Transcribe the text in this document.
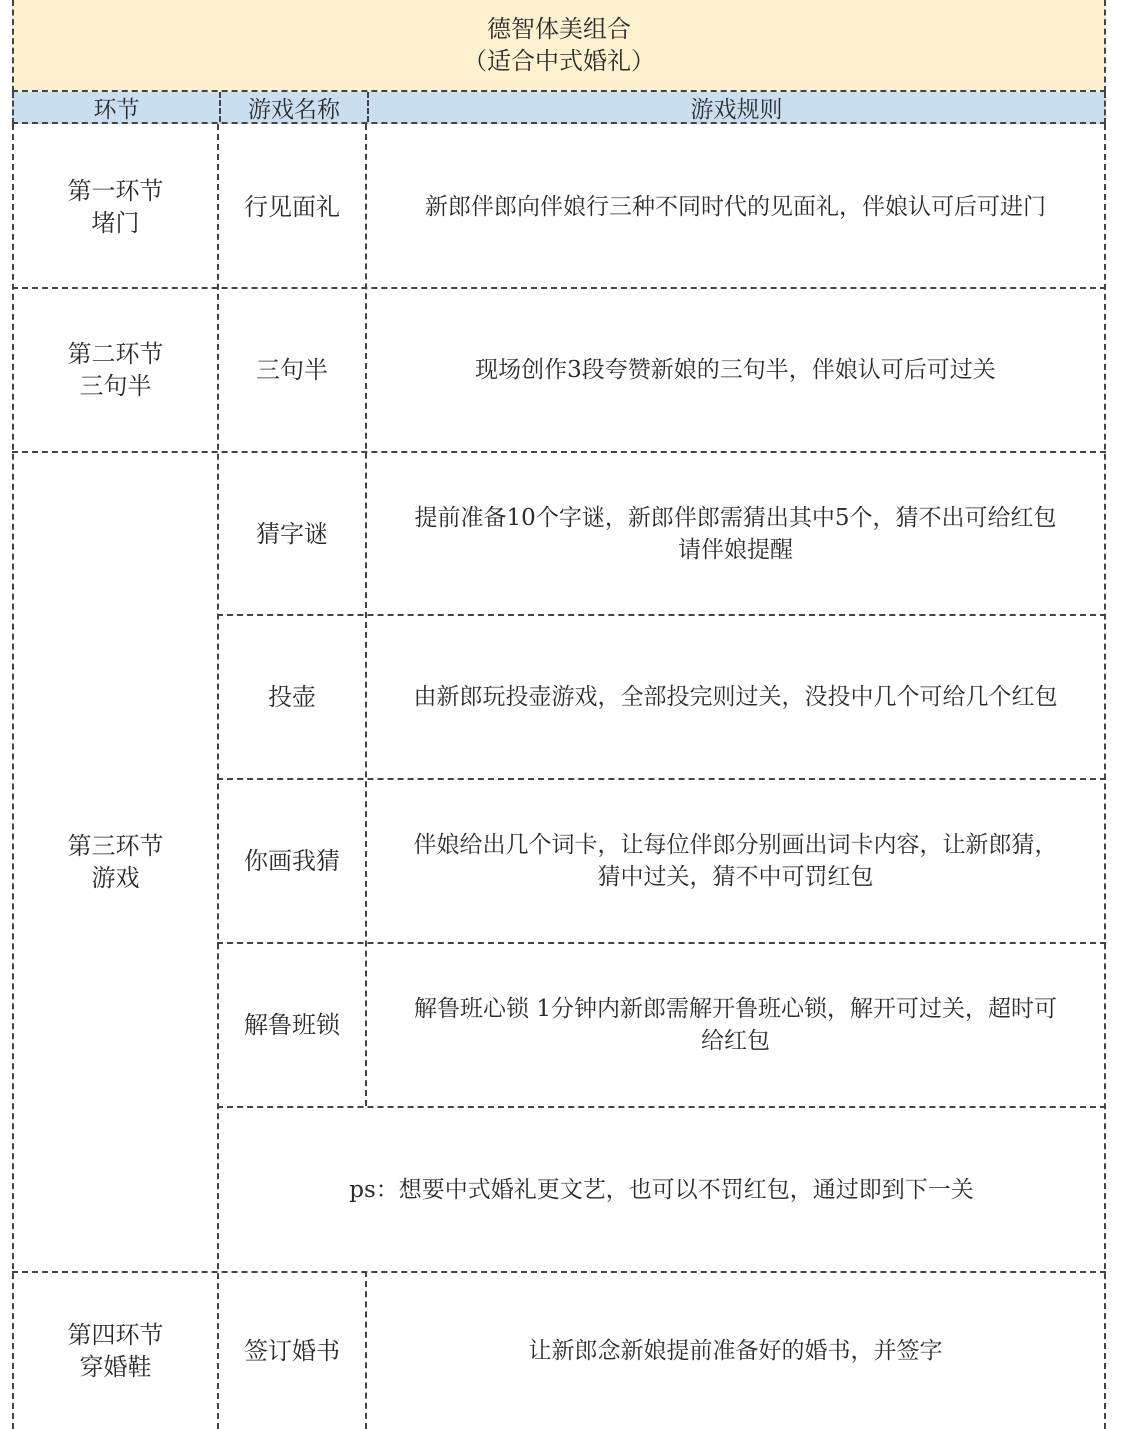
德智体美组合
（适合中式婚礼）
环节	游戏名称	游戏规则
第一环节
堵门
第二环节
三句半
第三环节
游戏
第四环节
穿婚鞋
行见面礼
三句半
猜字谜
投壶
你画我猜
解鲁班锁
签订婚书
新郎伴郎向伴娘行三种不同时代的见面礼，伴娘认可后可进门
现场创作3段夸赞新娘的三句半，伴娘认可后可过关
提前准备10个字谜，新郎伴郎需猜出其中5个，猜不出可给红包
请伴娘提醒
由新郎玩投壶游戏，全部投完则过关，没投中几个可给几个红包
伴娘给出几个词卡，让每位伴郎分别画出词卡内容，让新郎猜，
猜中过关，猜不中可罚红包
解鲁班心锁 1分钟内新郎需解开鲁班心锁，解开可过关，超时可
给红包
ps：想要中式婚礼更文艺，也可以不罚红包，通过即到下一关
让新郎念新娘提前准备好的婚书，并签字
